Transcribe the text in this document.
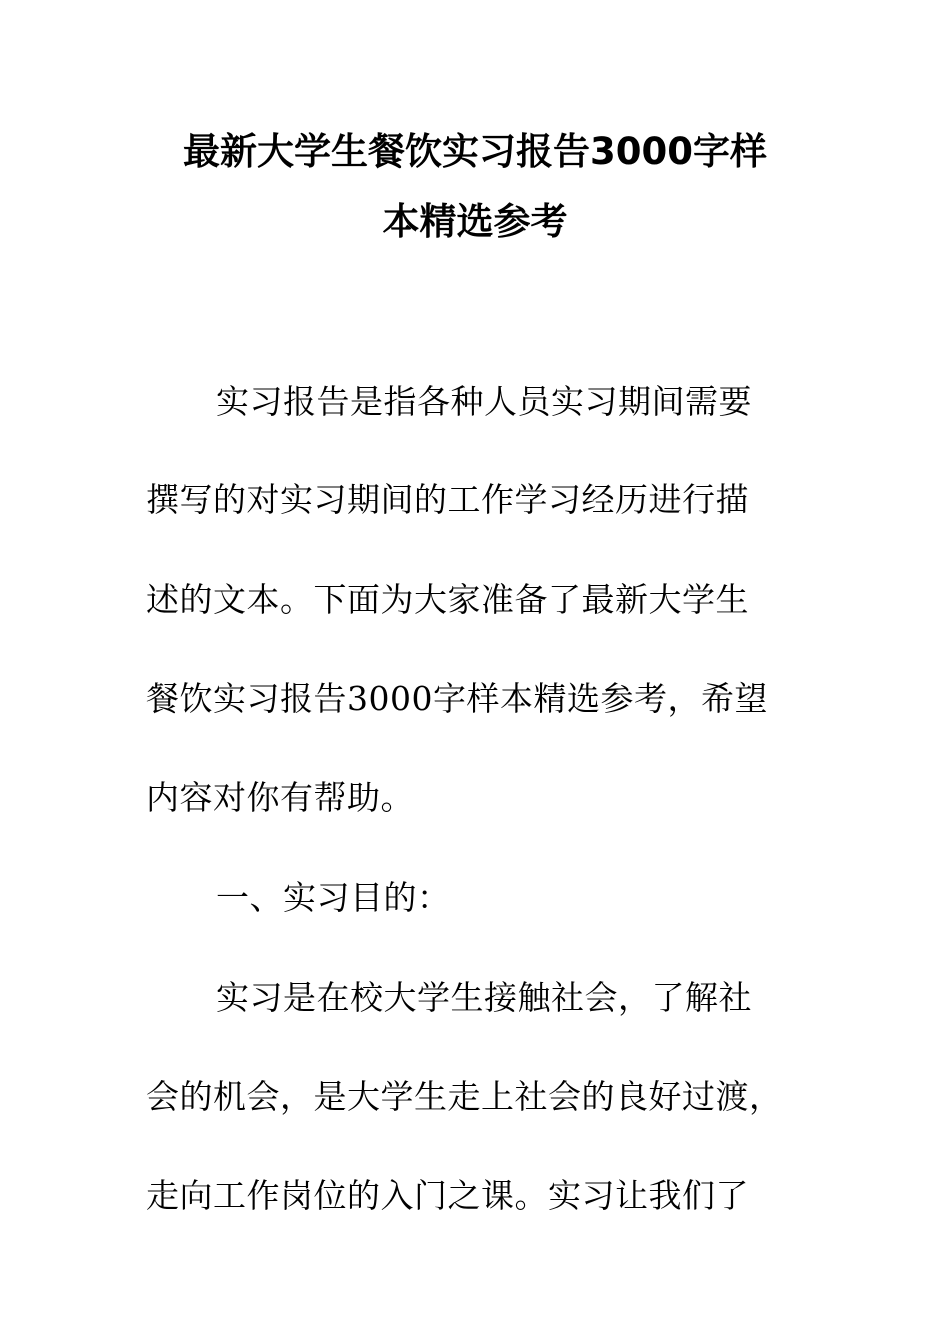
最新大学生餐饮实习报告3000字样
本精选参考
实习报告是指各种人员实习期间需要
撰写的对实习期间的工作学习经历进行描
述的文本。下面为大家准备了最新大学生
餐饮实习报告3000字样本精选参考，希望
内容对你有帮助。
一、实习目的：
实习是在校大学生接触社会，了解社
会的机会，是大学生走上社会的良好过渡，
走向工作岗位的入门之课。实习让我们了
